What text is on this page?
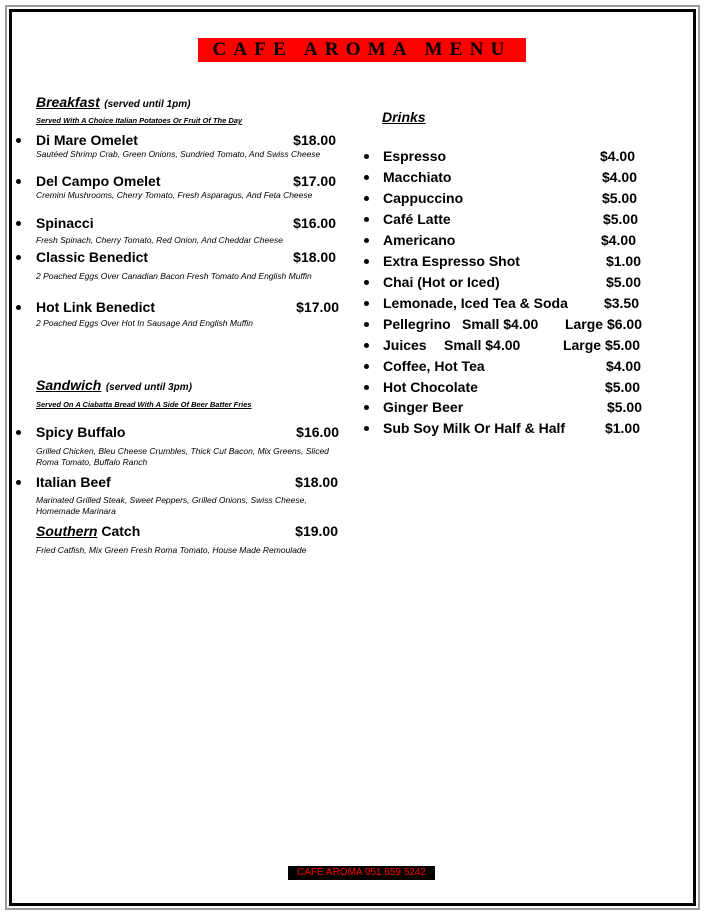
CAFE AROMA MENU
Breakfast (served until 1pm)
Served With A Choice Italian Potatoes Or Fruit Of The Day
Di Mare Omelet	$18.00
Sautéed Shrimp Crab, Green Onions, Sundried Tomato, And Swiss Cheese
Del Campo Omelet	$17.00
Cremini Mushrooms, Cherry Tomato, Fresh Asparagus, And Feta Cheese
Spinacci	$16.00
Fresh Spinach, Cherry Tomato, Red Onion, And Cheddar Cheese
Classic Benedict	$18.00
2 Poached Eggs Over Canadian Bacon Fresh Tomato And English Muffin
Hot Link Benedict	$17.00
2 Poached Eggs Over Hot In Sausage And English Muffin
Sandwich (served until 3pm)
Served On A Ciabatta Bread With A Side Of Beer Batter Fries
Spicy Buffalo	$16.00
Grilled Chicken, Bleu Cheese Crumbles, Thick Cut Bacon, Mix Greens, Sliced Roma Tomato, Buffalo Ranch
Italian Beef	$18.00
Marinated Grilled Steak, Sweet Peppers, Grilled Onions, Swiss Cheese, Homemade Marinara
Southern Catch	$19.00
Fried Catfish, Mix Green Fresh Roma Tomato, House Made Remoulade
Drinks
Espresso	$4.00
Macchiato	$4.00
Cappuccino	$5.00
Café Latte	$5.00
Americano	$4.00
Extra Espresso Shot	$1.00
Chai (Hot or Iced)	$5.00
Lemonade, Iced Tea & Soda	$3.50
Pellegrino Small $4.00 Large $6.00
Juices Small $4.00	Large $5.00
Coffee, Hot Tea	$4.00
Hot Chocolate	$5.00
Ginger Beer	$5.00
Sub Soy Milk Or Half & Half	$1.00
CAFÉ AROMA 951 659 5242
